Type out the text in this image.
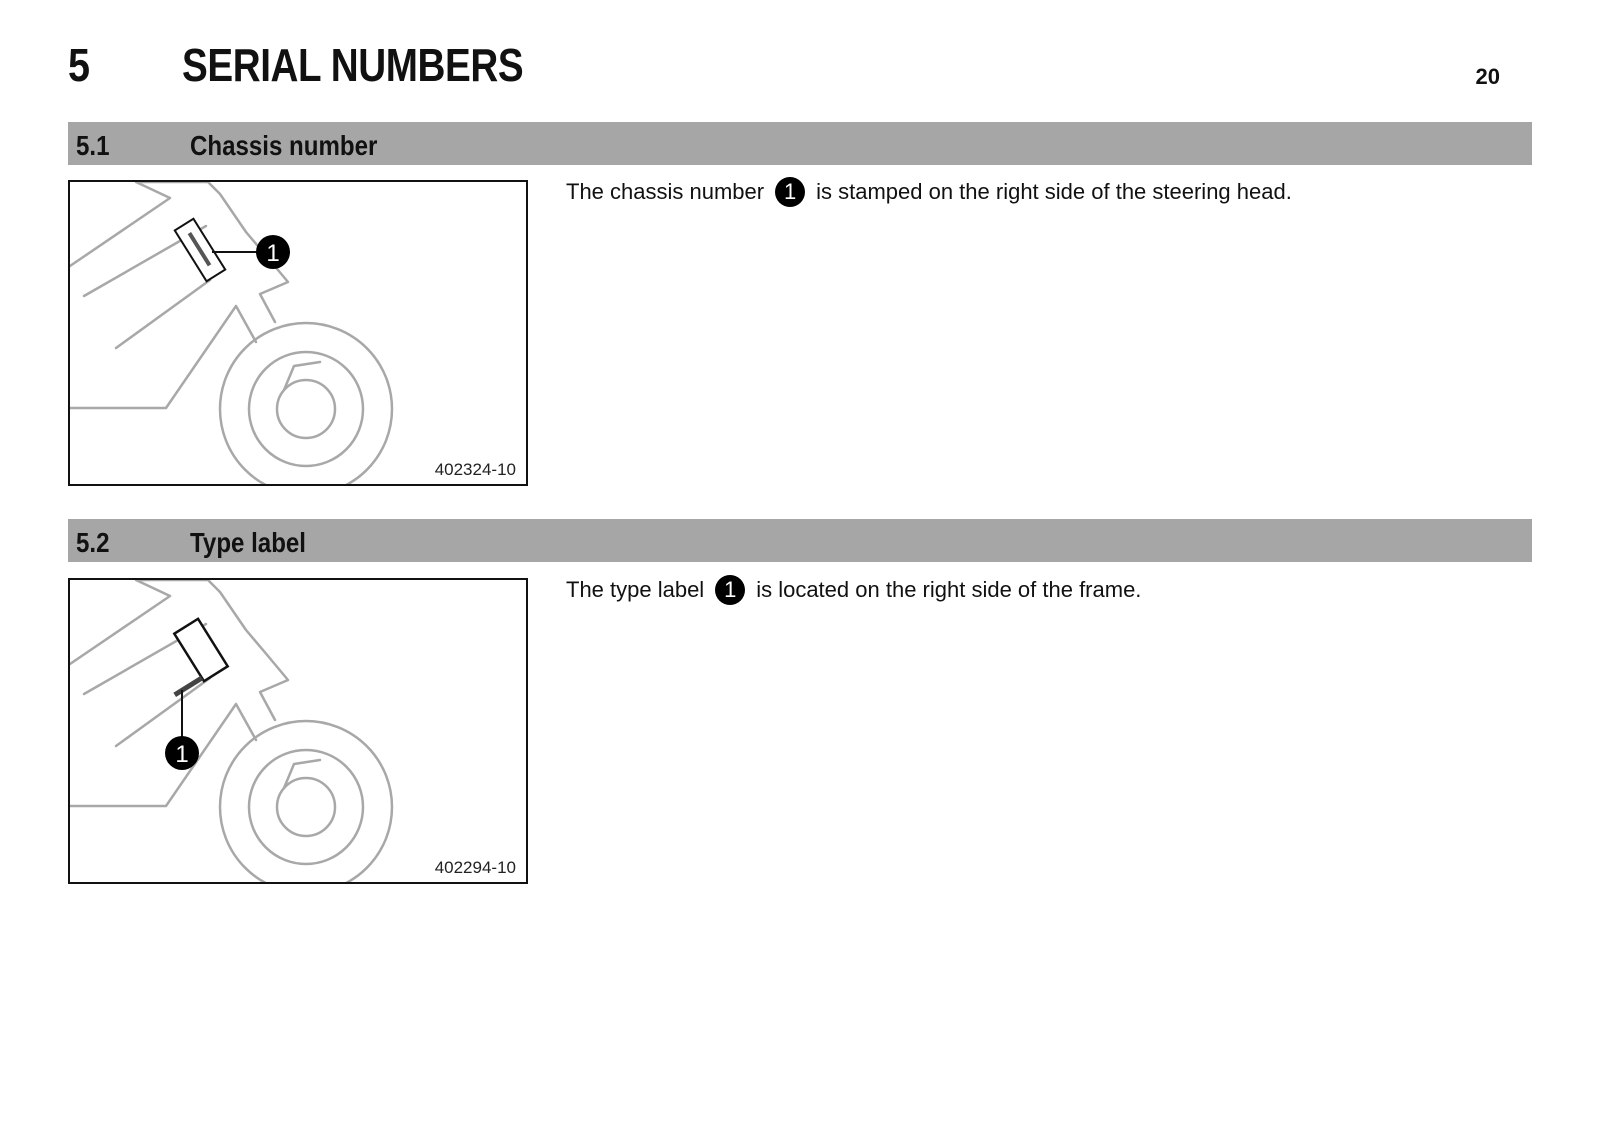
5 SERIAL NUMBERS	20
5.1	Chassis number
1
402324-10
The chassis number 1 is stamped on the right side of the steering head.
5.2	Type label
1
402294-10
The type label 1 is located on the right side of the frame.
